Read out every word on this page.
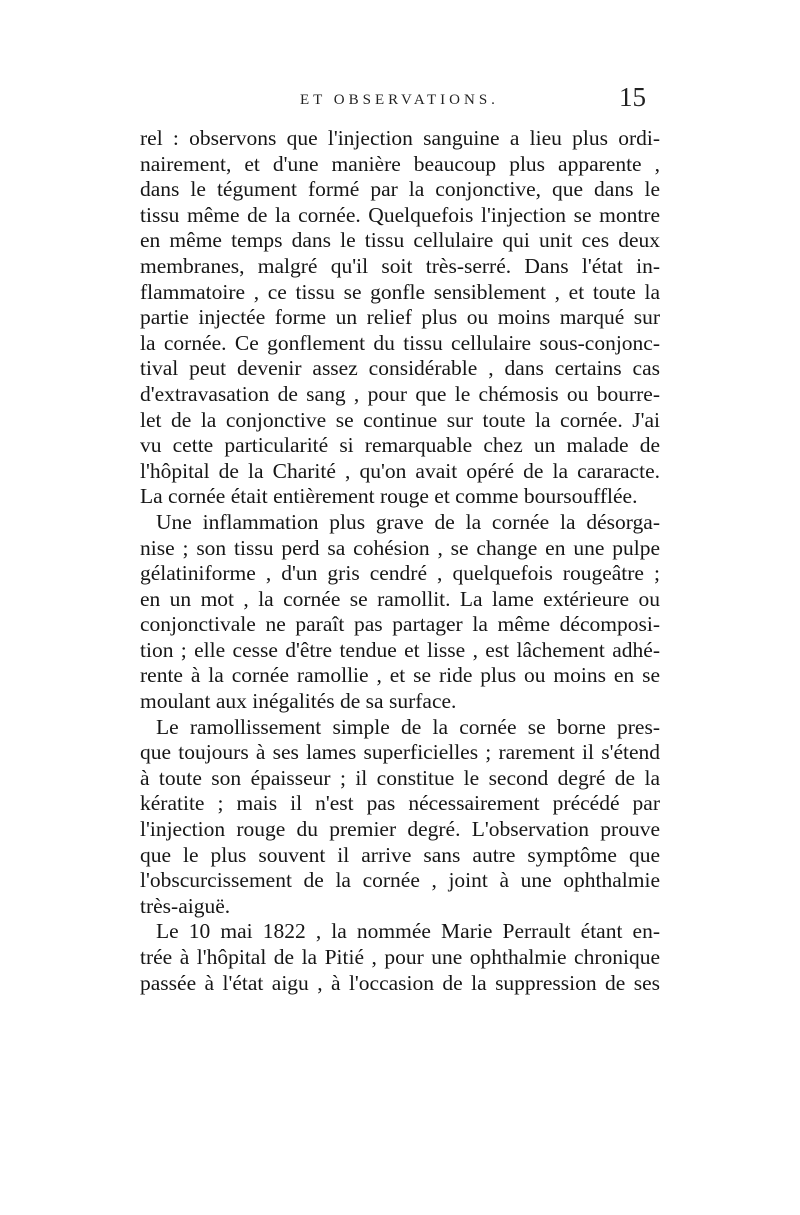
ET OBSERVATIONS.	15
rel : observons que l'injection sanguine a lieu plus ordi-
nairement, et d'une manière beaucoup plus apparente ,
dans le tégument formé par la conjonctive, que dans le
tissu même de la cornée. Quelquefois l'injection se montre
en même temps dans le tissu cellulaire qui unit ces deux
membranes, malgré qu'il soit très-serré. Dans l'état in-
flammatoire , ce tissu se gonfle sensiblement , et toute la
partie injectée forme un relief plus ou moins marqué sur
la cornée. Ce gonflement du tissu cellulaire sous-conjonc-
tival peut devenir assez considérable , dans certains cas
d'extravasation de sang , pour que le chémosis ou bourre-
let de la conjonctive se continue sur toute la cornée. J'ai
vu cette particularité si remarquable chez un malade de
l'hôpital de la Charité , qu'on avait opéré de la cararacte.
La cornée était entièrement rouge et comme boursoufflée.
Une inflammation plus grave de la cornée la désorga-
nise ; son tissu perd sa cohésion , se change en une pulpe
gélatiniforme , d'un gris cendré , quelquefois rougeâtre ;
en un mot , la cornée se ramollit. La lame extérieure ou
conjonctivale ne paraît pas partager la même décomposi-
tion ; elle cesse d'être tendue et lisse , est lâchement adhé-
rente à la cornée ramollie , et se ride plus ou moins en se
moulant aux inégalités de sa surface.
Le ramollissement simple de la cornée se borne pres-
que toujours à ses lames superficielles ; rarement il s'étend
à toute son épaisseur ; il constitue le second degré de la
kératite ; mais il n'est pas nécessairement précédé par
l'injection rouge du premier degré. L'observation prouve
que le plus souvent il arrive sans autre symptôme que
l'obscurcissement de la cornée , joint à une ophthalmie
très-aiguë.
Le 10 mai 1822 , la nommée Marie Perrault étant en-
trée à l'hôpital de la Pitié , pour une ophthalmie chronique
passée à l'état aigu , à l'occasion de la suppression de ses
